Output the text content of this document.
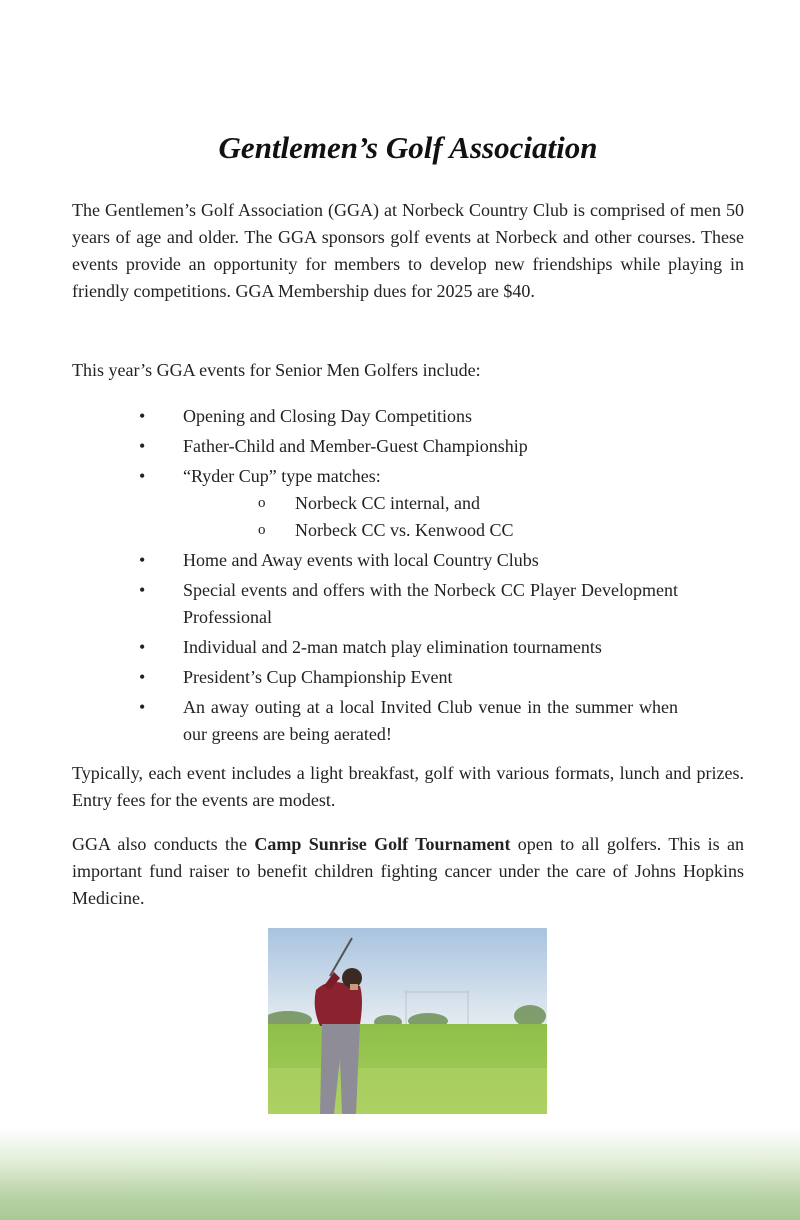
Gentlemen’s Golf Association

The Gentlemen’s Golf Association (GGA) at Norbeck Country Club is comprised of men 50 years of age and older. The GGA sponsors golf events at Norbeck and other courses. These events provide an opportunity for members to develop new friendships while playing in friendly competitions. GGA Membership dues for 2025 are $40.

This year’s GGA events for Senior Men Golfers include:

• Opening and Closing Day Competitions
• Father-Child and Member-Guest Championship
• “Ryder Cup” type matches:
o Norbeck CC internal, and
o Norbeck CC vs. Kenwood CC
• Home and Away events with local Country Clubs
• Special events and offers with the Norbeck CC Player Development Professional
• Individual and 2-man match play elimination tournaments
• President’s Cup Championship Event
• An away outing at a local Invited Club venue in the summer when our greens are being aerated!

Typically, each event includes a light breakfast, golf with various formats, lunch and prizes. Entry fees for the events are modest.

GGA also conducts the Camp Sunrise Golf Tournament open to all golfers. This is an important fund raiser to benefit children fighting cancer under the care of Johns Hopkins Medicine.
